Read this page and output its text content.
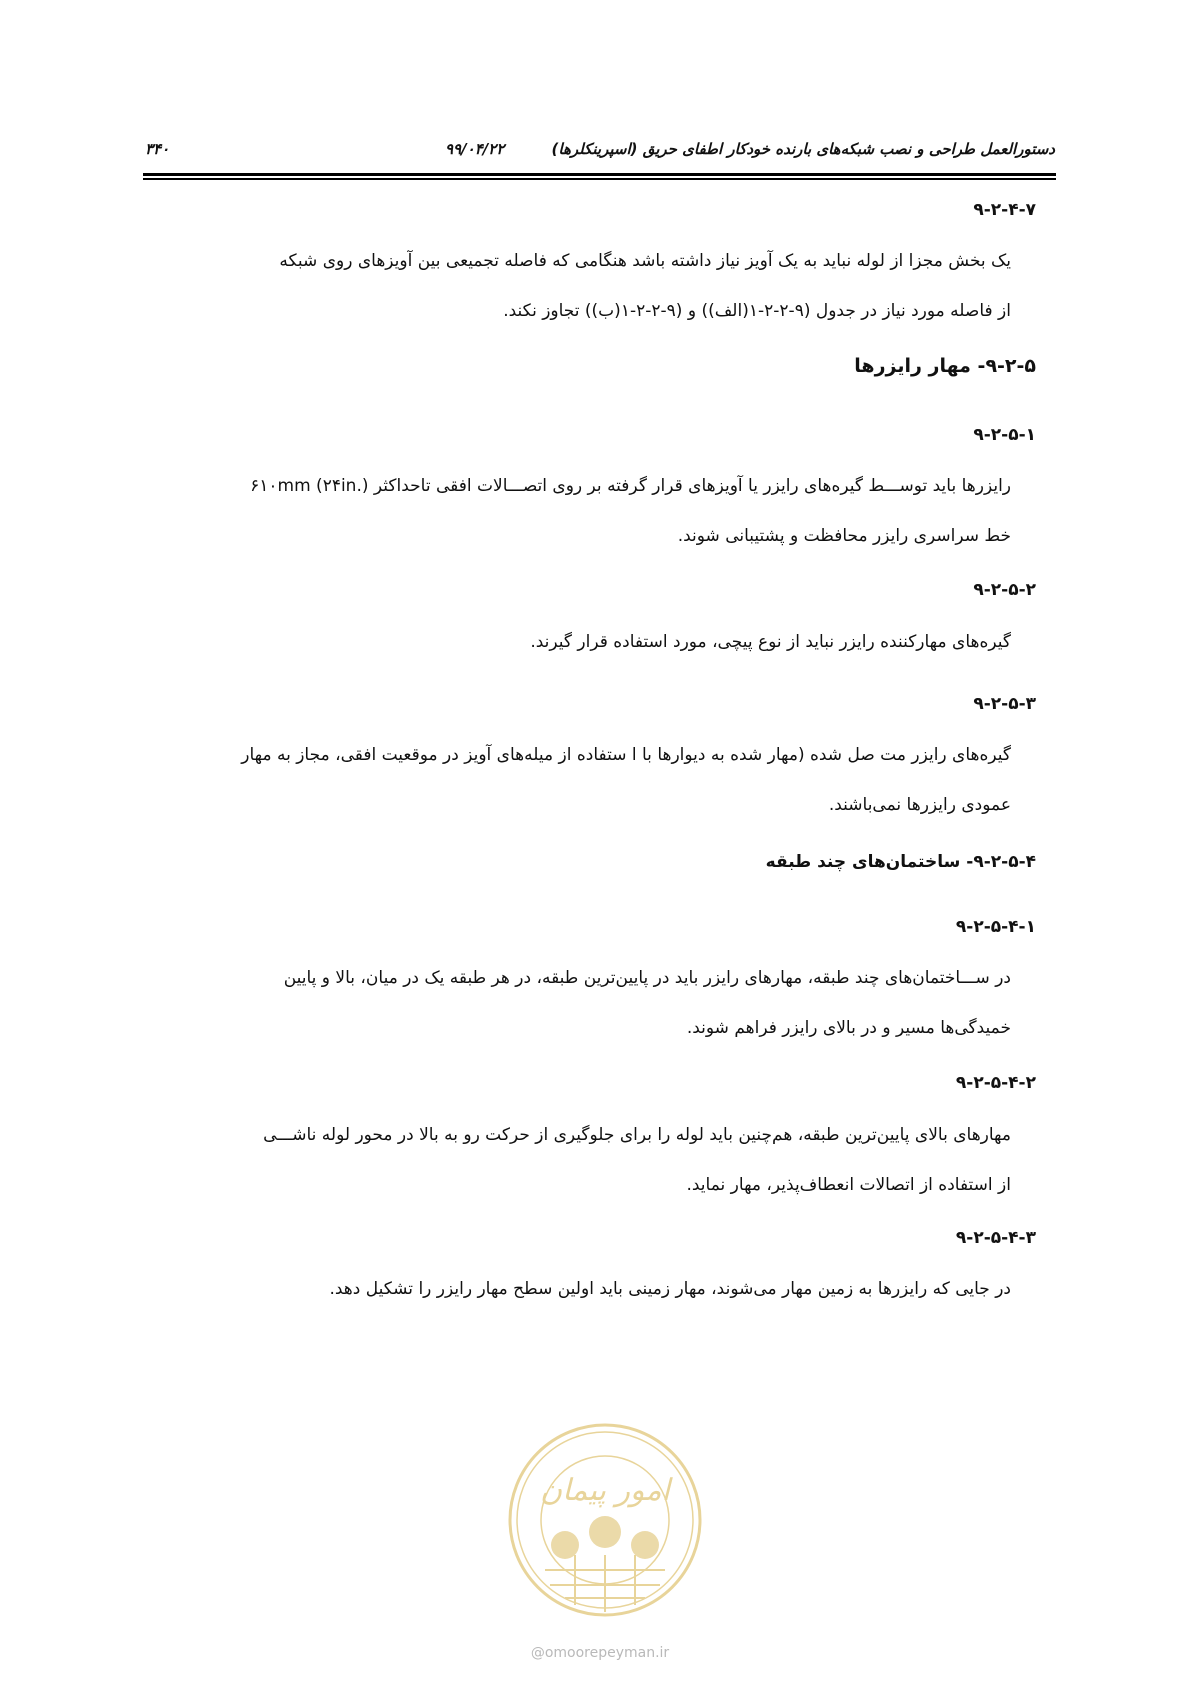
۳۴۰	۹۹/۰۴/۲۲	دستورالعمل طراحی و نصب شبکه‌های بارنده خودکار اطفای حریق (اسپرینکلرها)
۹-۲-۴-۷
یک بخش مجزا از لوله نباید به یک آویز نیاز داشته باشد هنگامی که فاصله تجمیعی بین آویزهای روی شبکه
از فاصله مورد نیاز در جدول (۹-۲-۲-۱(الف)) و (۹-۲-۲-۱(ب)) تجاوز نکند.
۹-۲-۵- مهار رایزرها
۹-۲-۵-۱
رایزرها باید توســـط گیره‌های رایزر یا آویزهای قرار گرفته بر روی اتصـــالات افقی تاحداکثر ۶۱۰mm (۲۴in.)
خط سراسری رایزر محافظت و پشتیبانی شوند.
۹-۲-۵-۲
گیره‌های مهارکننده رایزر نباید از نوع پیچی، مورد استفاده قرار گیرند.
۹-۲-۵-۳
گیره‌های رایزر مت صل شده (مهار شده به دیوارها با ا ستفاده از میله‌های آویز در موقعیت افقی، مجاز به مهار
عمودی رایزرها نمی‌باشند.
۹-۲-۵-۴- ساختمان‌های چند طبقه
۹-۲-۵-۴-۱
در ســـاختمان‌های چند طبقه، مهارهای رایزر باید در پایین‌ترین طبقه، در هر طبقه یک در میان، بالا و پایین
خمیدگی‌ها مسیر و در بالای رایزر فراهم شوند.
۹-۲-۵-۴-۲
مهارهای بالای پایین‌ترین طبقه، هم‌چنین باید لوله را برای جلوگیری از حرکت رو به بالا در محور لوله ناشـــی
از استفاده از اتصالات انعطاف‌پذیر، مهار نماید.
۹-۲-۵-۴-۳
در جایی که رایزرها به زمین مهار می‌شوند، مهار زمینی باید اولین سطح مهار رایزر را تشکیل دهد.
امور پیمان
@omoorepeyman.ir
